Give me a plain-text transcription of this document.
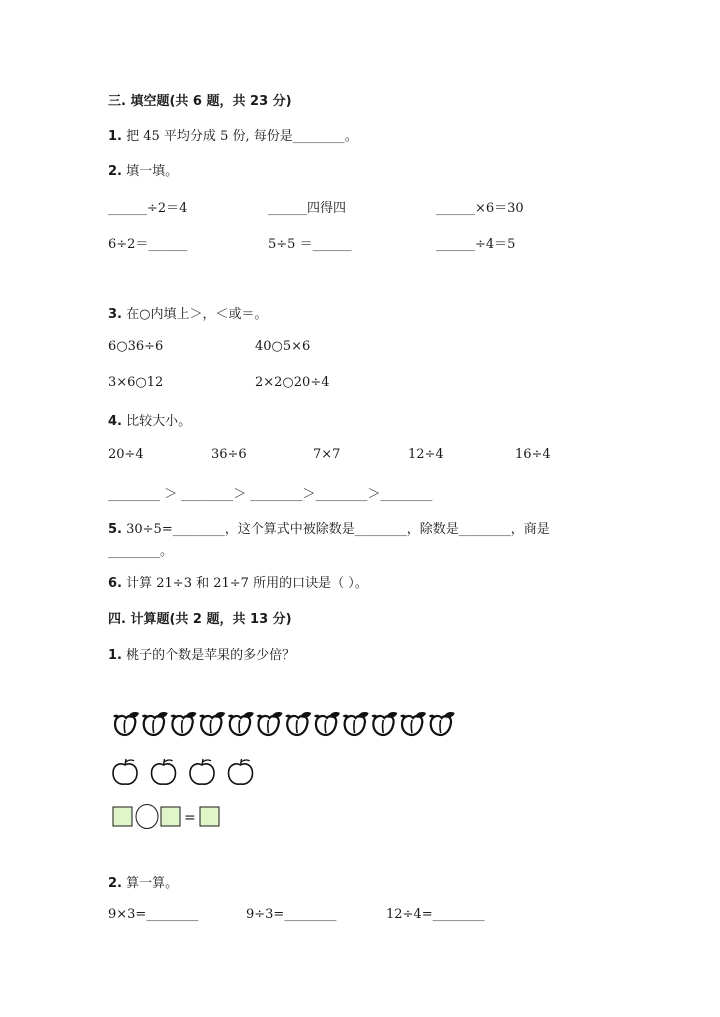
三. 填空题(共 6 题，共 23 分)
1. 把 45 平均分成 5 份, 每份是________。
2. 填一填。
______÷2＝4	______四得四	______×6＝30
6÷2＝______	5÷5 ＝______	______÷4＝5
3. 在○内填上＞，＜或＝。
6○36÷6	40○5×6
3×6○12	2×2○20÷4
4. 比较大小。
20÷4	36÷6	7×7	12÷4	16÷4
________ ＞ ________＞ ________＞________＞________
5. 30÷5=________，这个算式中被除数是________，除数是________，商是
________。
6. 计算 21÷3 和 21÷7 所用的口诀是（ ）。
四. 计算题(共 2 题，共 13 分)
1. 桃子的个数是苹果的多少倍？
=
2. 算一算。
9×3=________	9÷3=________	12÷4=________
